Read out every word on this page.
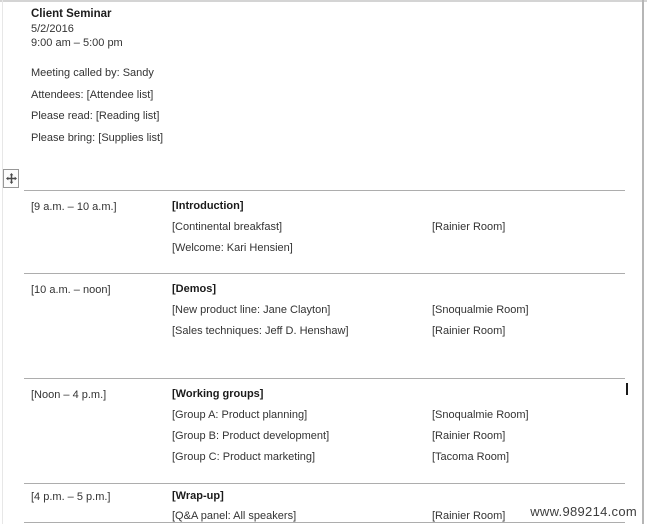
Client Seminar
5/2/2016
9:00 am – 5:00 pm
Meeting called by: Sandy
Attendees: [Attendee list]
Please read: [Reading list]
Please bring: [Supplies list]
[9 a.m. – 10 a.m.]	[Introduction]
[Continental breakfast]	[Rainier Room]
[Welcome: Kari Hensien]
[10 a.m. – noon]	[Demos]
[New product line: Jane Clayton]	[Snoqualmie Room]
[Sales techniques: Jeff D. Henshaw]	[Rainier Room]
[Noon – 4 p.m.]	[Working groups]
[Group A: Product planning]	[Snoqualmie Room]
[Group B: Product development]	[Rainier Room]
[Group C: Product marketing]	[Tacoma Room]
[4 p.m. – 5 p.m.]	[Wrap-up]
[Q&A panel: All speakers]	[Rainier Room] www.989214.com
